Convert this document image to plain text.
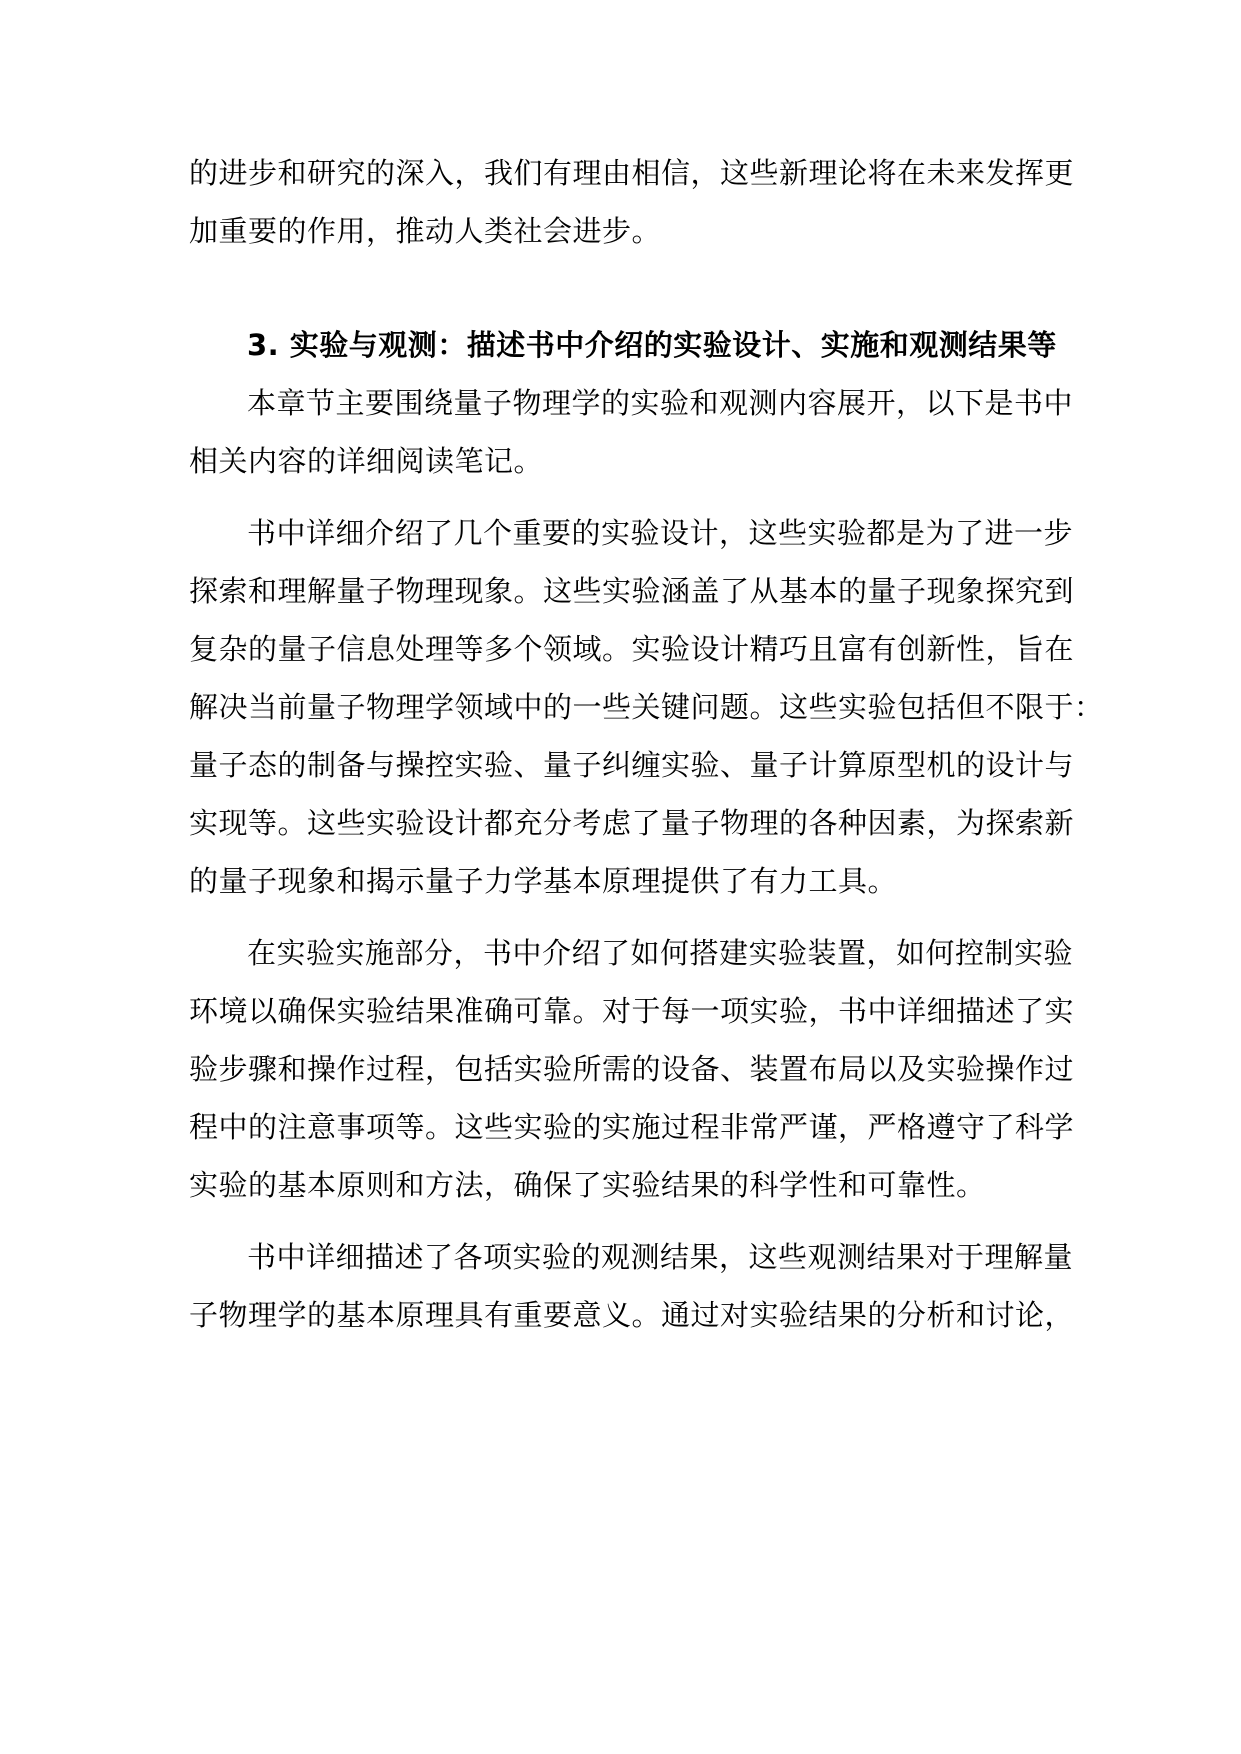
的进步和研究的深入，我们有理由相信，这些新理论将在未来发挥更
加重要的作用，推动人类社会进步。
3. 实验与观测：描述书中介绍的实验设计、实施和观测结果等
本章节主要围绕量子物理学的实验和观测内容展开，以下是书中
相关内容的详细阅读笔记。
书中详细介绍了几个重要的实验设计，这些实验都是为了进一步
探索和理解量子物理现象。这些实验涵盖了从基本的量子现象探究到
复杂的量子信息处理等多个领域。实验设计精巧且富有创新性，旨在
解决当前量子物理学领域中的一些关键问题。这些实验包括但不限于：
量子态的制备与操控实验、量子纠缠实验、量子计算原型机的设计与
实现等。这些实验设计都充分考虑了量子物理的各种因素，为探索新
的量子现象和揭示量子力学基本原理提供了有力工具。
在实验实施部分，书中介绍了如何搭建实验装置，如何控制实验
环境以确保实验结果准确可靠。对于每一项实验，书中详细描述了实
验步骤和操作过程，包括实验所需的设备、装置布局以及实验操作过
程中的注意事项等。这些实验的实施过程非常严谨，严格遵守了科学
实验的基本原则和方法，确保了实验结果的科学性和可靠性。
书中详细描述了各项实验的观测结果，这些观测结果对于理解量
子物理学的基本原理具有重要意义。通过对实验结果的分析和讨论，
